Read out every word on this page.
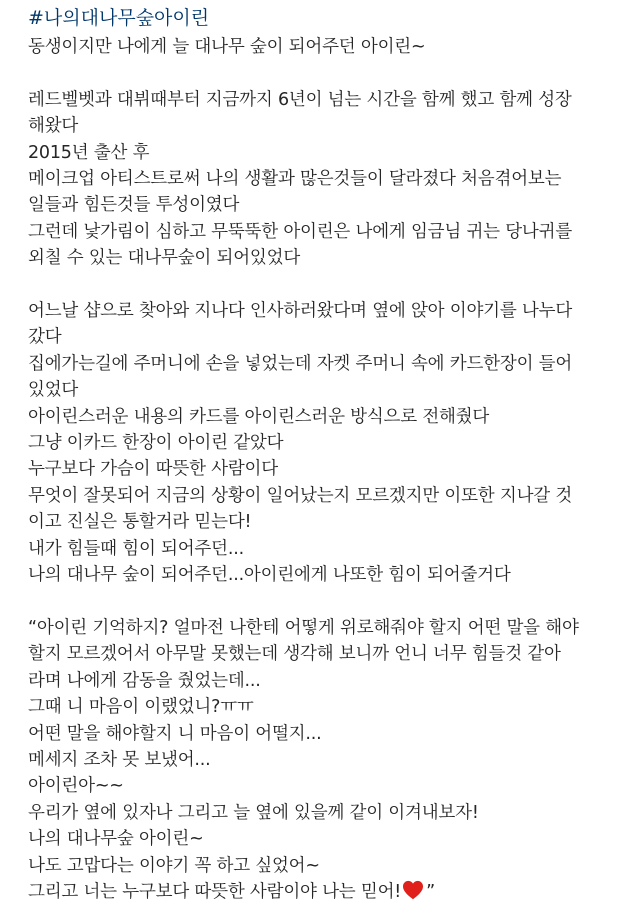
#나의대나무숲아이린
동생이지만 나에게 늘 대나무 숲이 되어주던 아이린~
레드벨벳과 대뷔때부터 지금까지 6년이 넘는 시간을 함께 했고 함께 성장
해왔다
2015년 출산 후
메이크업 아티스트로써 나의 생활과 많은것들이 달라졌다 처음겪어보는
일들과 힘든것들 투성이였다
그런데 낯가림이 심하고 무뚝뚝한 아이린은 나에게 임금님 귀는 당나귀를
외칠 수 있는 대나무숲이 되어있었다
어느날 샵으로 찾아와 지나다 인사하러왔다며 옆에 앉아 이야기를 나누다
갔다
집에가는길에 주머니에 손을 넣었는데 자켓 주머니 속에 카드한장이 들어
있었다
아이린스러운 내용의 카드를 아이린스러운 방식으로 전해줬다
그냥 이카드 한장이 아이린 같았다
누구보다 가슴이 따뜻한 사람이다
무엇이 잘못되어 지금의 상황이 일어났는지 모르겠지만 이또한 지나갈 것
이고 진실은 통할거라 믿는다!
내가 힘들때 힘이 되어주던...
나의 대나무 숲이 되어주던...아이린에게 나또한 힘이 되어줄거다
“아이린 기억하지? 얼마전 나한테 어떻게 위로해줘야 할지 어떤 말을 해야
할지 모르겠어서 아무말 못했는데 생각해 보니까 언니 너무 힘들것 같아
라며 나에게 감동을 줬었는데...
그때 니 마음이 이랬었니?ㅠㅠ
어떤 말을 해야할지 니 마음이 어떨지...
메세지 조차 못 보냈어...
아이린아~~
우리가 옆에 있자나 그리고 늘 옆에 있을께 같이 이겨내보자!
나의 대나무숲 아이린~
나도 고맙다는 이야기 꼭 하고 싶었어~
그리고 너는 누구보다 따뜻한 사람이야 나는 믿어! ”
